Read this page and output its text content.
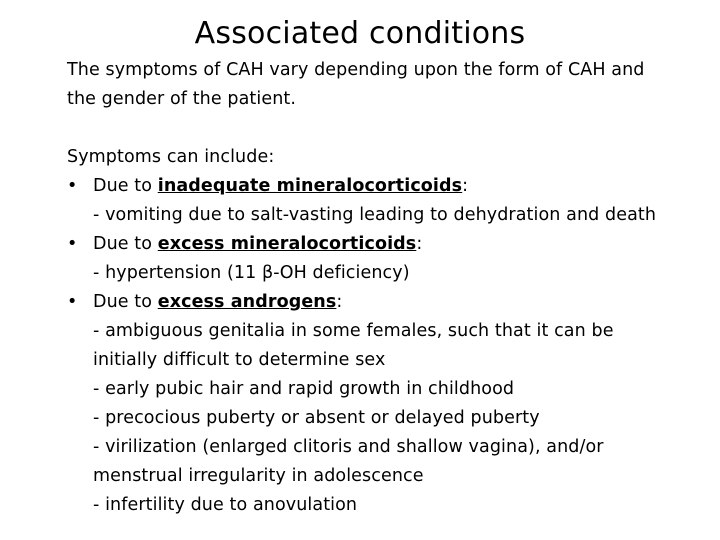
Associated conditions
The symptoms of CAH vary depending upon the form of CAH and
the gender of the patient.
Symptoms can include:
• Due to inadequate mineralocorticoids:
- vomiting due to salt-vasting leading to dehydration and death
• Due to excess mineralocorticoids:
- hypertension (11 β-OH deficiency)
• Due to excess androgens:
- ambiguous genitalia in some females, such that it can be
initially difficult to determine sex
- early pubic hair and rapid growth in childhood
- precocious puberty or absent or delayed puberty
- virilization (enlarged clitoris and shallow vagina), and/or
menstrual irregularity in adolescence
- infertility due to anovulation
